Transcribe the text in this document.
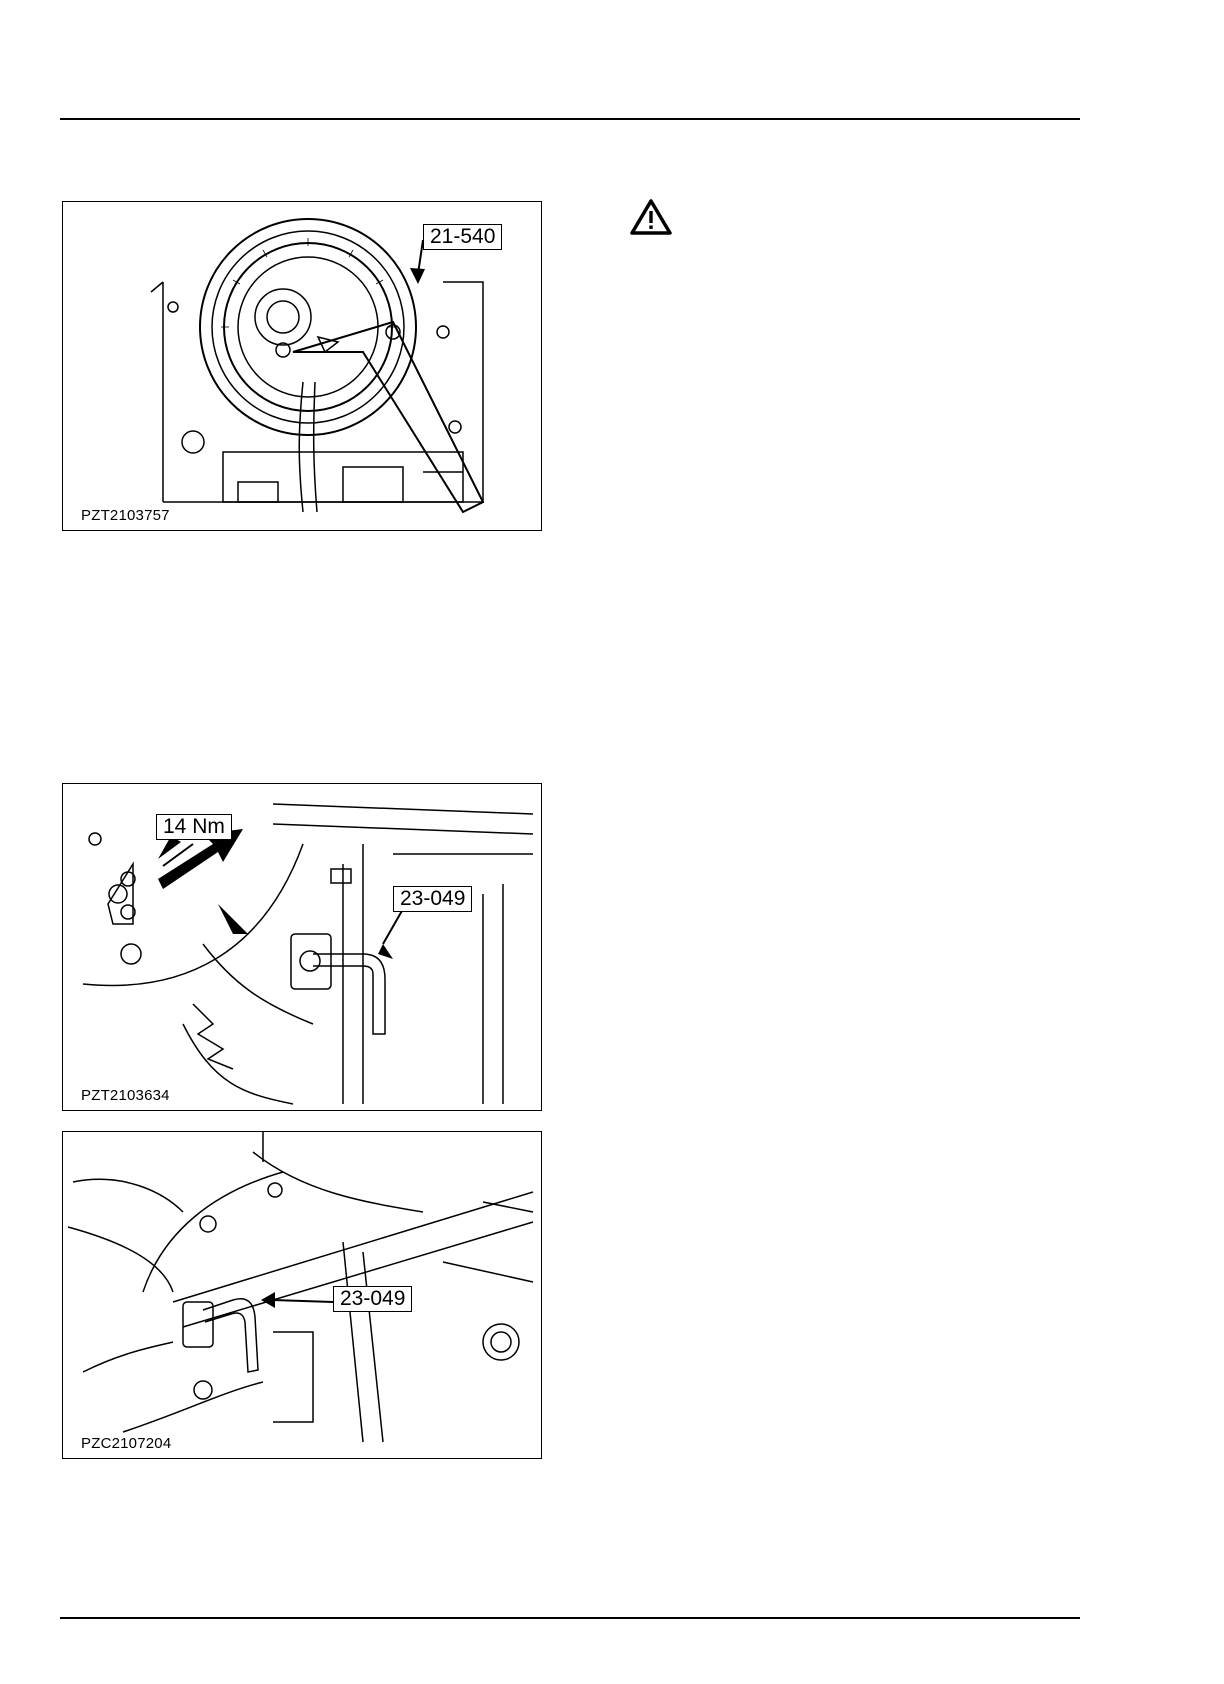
21-540
PZT2103757
14 Nm
23-049
PZT2103634
23-049
PZC2107204
